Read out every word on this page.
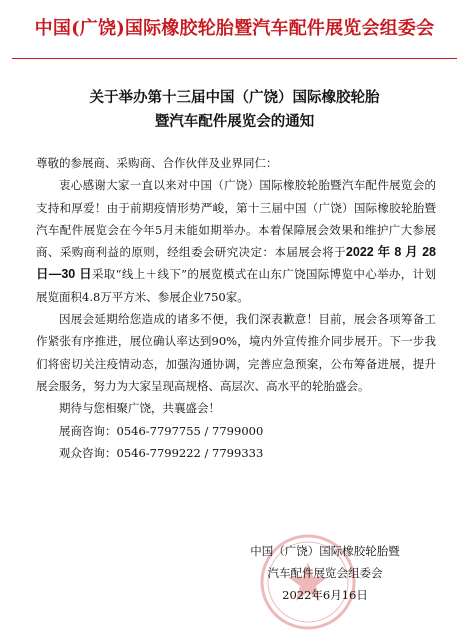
中国(广饶)国际橡胶轮胎暨汽车配件展览会组委会
关于举办第十三届中国（广饶）国际橡胶轮胎
暨汽车配件展览会的通知
尊敬的参展商、采购商、合作伙伴及业界同仁：

衷心感谢大家一直以来对中国（广饶）国际橡胶轮胎暨汽车配件展览会的支持和厚爱！由于前期疫情形势严峻，第十三届中国（广饶）国际橡胶轮胎暨汽车配件展览会在今年5月未能如期举办。本着保障展会效果和维护广大参展商、采购商利益的原则，经组委会研究决定：本届展会将于2022 年 8 月 28 日—30 日采取“线上＋线下”的展览模式在山东广饶国际博览中心举办，计划展览面积4.8万平方米、参展企业750家。

因展会延期给您造成的诸多不便，我们深表歉意！目前，展会各项筹备工作紧张有序推进，展位确认率达到90%，境内外宣传推介同步展开。下一步我们将密切关注疫情动态，加强沟通协调，完善应急预案，公布筹备进展，提升展会服务，努力为大家呈现高规格、高层次、高水平的轮胎盛会。

期待与您相聚广饶，共襄盛会！

展商咨询：0546-7797755 / 7799000
观众咨询：0546-7799222 / 7799333
中国（广饶）国际橡胶轮胎暨
汽车配件展览会组委会
2022年6月16日
